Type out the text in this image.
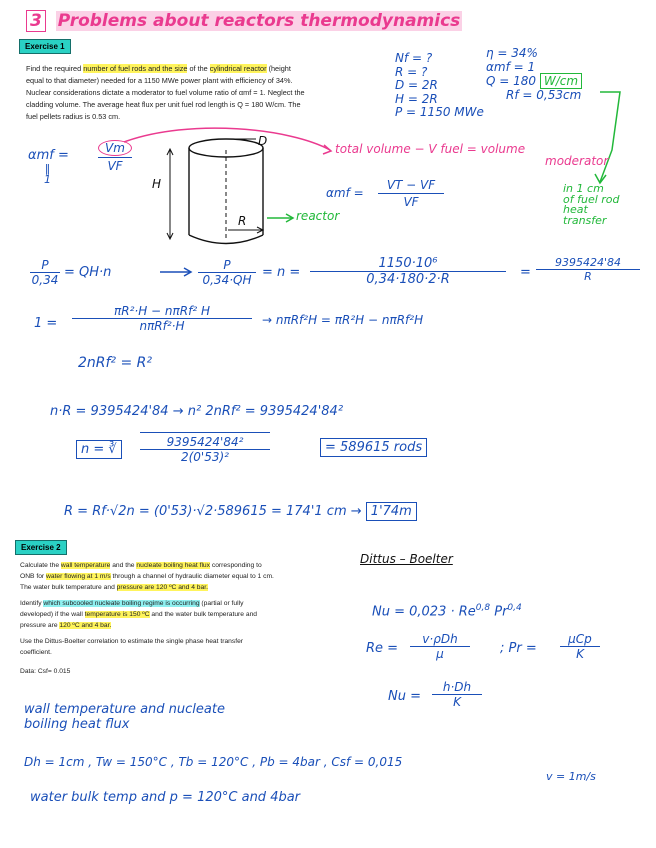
3 Problems about reactors thermodynamics
Exercise 1
Find the required number of fuel rods and the size of the cylindrical reactor (height
equal to that diameter) needed for a 1150 MWe power plant with efficiency of 34%.
Nuclear considerations dictate a moderator to fuel volume ratio of αmf = 1. Neglect the
cladding volume. The average heat flux per unit fuel rod length is Q = 180 W/cm. The
fuel pellets radius is 0.53 cm.
Nf = ?
R = ?
D = 2R
H = 2R
P = 1150 MWe
η = 34%
αmf = 1
Q = 180 W/cm
Rf = 0,53cm
$\alpha mf = \frac{Vm}{VF}$
‖
1	H
D
R	reactor
total volume − V fuel = volume
moderator
αmf =
VT − VF
VF
in 1 cm
of fuel rod
heat
transfer
P
0,34 = QH·n	P
0,34·QH = n =
1150·10⁶
0,34·180·2·R	=
9395424'84
R
1 =
πR²·H − nπRf² H
nπRf²·H	→ nπRf²H = πR²H − nπRf²H
2nRf² = R²
n·R = 9395424'84 → n² 2nRf² = 9395424'84²
n = ∛	9395424'84²
2(0'53)²
= 589615 rods
R = Rf·√2n = (0'53)·√2·589615 = 174'1 cm → 1'74m
Exercise 2
Calculate the wall temperature and the nucleate boiling heat flux corresponding to
ONB for water flowing at 1 m/s through a channel of hydraulic diameter equal to 1 cm.
The water bulk temperature and pressure are 120 ºC and 4 bar.
Identify which subcooled nucleate boiling regime is occurring (partial or fully
developed) if the wall temperature is 150 ºC and the water bulk temperature and
pressure are 120 ºC and 4 bar.
Use the Dittus-Boelter correlation to estimate the single phase heat transfer
coefficient.
Data: Csf= 0.015
Dittus – Boelter
Nu = 0,023 · Re$^{0,8}$ Pr$^{0,4}$
Re =
v·ρDh
μ	; Pr =
μCp
K
Nu =
h·Dh
K
wall temperature and nucleate
boiling heat flux
Dh = 1cm , Tw = 150°C , Tb = 120°C , Pb = 4bar , Csf = 0,015
v = 1m/s
water bulk temp and p = 120°C and 4bar
